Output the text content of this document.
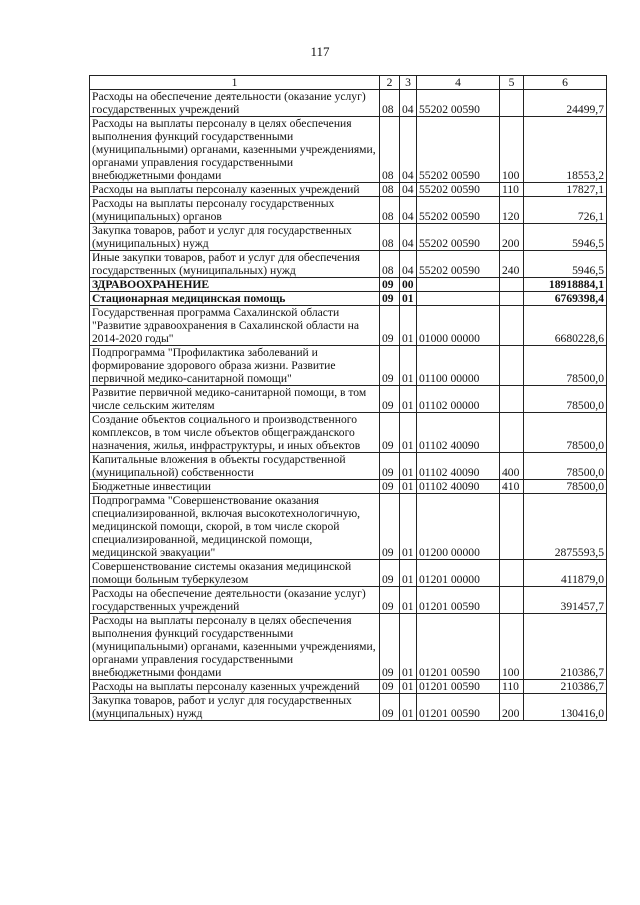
117
1	2	3	4	5	6
Расходы на обеспечение деятельности (оказание услуг) государственных учреждений	08	04	55202 00590		24499,7
Расходы на выплаты персоналу в целях обеспечения выполнения функций государственными (муниципальными) органами, казенными учреждениями, органами управления государственными внебюджетными фондами	08	04	55202 00590	100	18553,2
Расходы на выплаты персоналу казенных учреждений	08	04	55202 00590	110	17827,1
Расходы на выплаты персоналу государственных (муниципальных) органов	08	04	55202 00590	120	726,1
Закупка товаров, работ и услуг для государственных (муниципальных) нужд	08	04	55202 00590	200	5946,5
Иные закупки товаров, работ и услуг для обеспечения государственных (муниципальных) нужд	08	04	55202 00590	240	5946,5
ЗДРАВООХРАНЕНИЕ	09	00			18918884,1
Стационарная медицинская помощь	09	01			6769398,4
Государственная программа Сахалинской области "Развитие здравоохранения в Сахалинской области на 2014-2020 годы"	09	01	01000 00000		6680228,6
Подпрограмма "Профилактика заболеваний и формирование здорового образа жизни. Развитие первичной медико-санитарной помощи"	09	01	01100 00000		78500,0
Развитие первичной медико-санитарной помощи, в том числе сельским жителям	09	01	01102 00000		78500,0
Создание объектов социального и производственного комплексов, в том числе объектов общегражданского назначения, жилья, инфраструктуры, и иных объектов	09	01	01102 40090		78500,0
Капитальные вложения в объекты государственной (муниципальной) собственности	09	01	01102 40090	400	78500,0
Бюджетные инвестиции	09	01	01102 40090	410	78500,0
Подпрограмма "Совершенствование оказания специализированной, включая высокотехнологичную, медицинской помощи, скорой, в том числе скорой специализированной, медицинской помощи, медицинской эвакуации"	09	01	01200 00000		2875593,5
Совершенствование системы оказания медицинской помощи больным туберкулезом	09	01	01201 00000		411879,0
Расходы на обеспечение деятельности (оказание услуг) государственных учреждений	09	01	01201 00590		391457,7
Расходы на выплаты персоналу в целях обеспечения выполнения функций государственными (муниципальными) органами, казенными учреждениями, органами управления государственными внебюджетными фондами	09	01	01201 00590	100	210386,7
Расходы на выплаты персоналу казенных учреждений	09	01	01201 00590	110	210386,7
Закупка товаров, работ и услуг для государственных (мунципальных) нужд	09	01	01201 00590	200	130416,0
